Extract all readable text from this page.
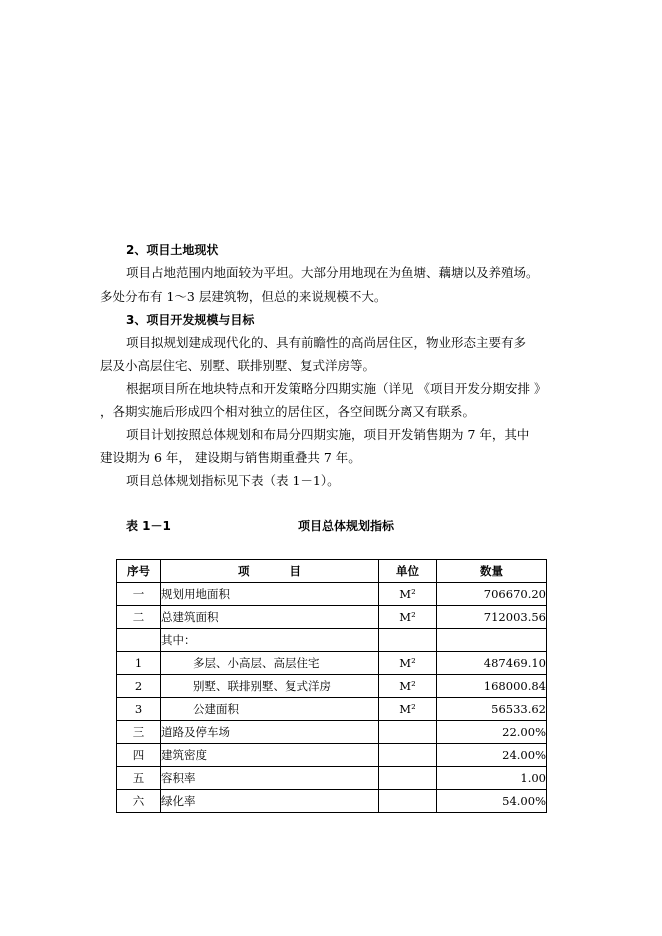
2、项目土地现状
项目占地范围内地面较为平坦。大部分用地现在为鱼塘、藕塘以及养殖场。
多处分布有 1～3 层建筑物，但总的来说规模不大。
3、项目开发规模与目标
项目拟规划建成现代化的、具有前瞻性的高尚居住区，物业形态主要有多
层及小高层住宅、别墅、联排别墅、复式洋房等。
根据项目所在地块特点和开发策略分四期实施（详见 《项目开发分期安排 》
，各期实施后形成四个相对独立的居住区，各空间既分离又有联系。
项目计划按照总体规划和布局分四期实施，项目开发销售期为 7 年，其中
建设期为 6 年， 建设期与销售期重叠共 7 年。
项目总体规划指标见下表（表 1－1）。
表 1－1	项目总体规划指标
序号	项          目	单位	数量
一	规划用地面积	M²	706670.20
二	总建筑面积	M²	712003.56
	其中：		
1	多层、小高层、高层住宅	M²	487469.10
2	别墅、联排别墅、复式洋房	M²	168000.84
3	公建面积	M²	56533.62
三	道路及停车场		22.00%
四	建筑密度		24.00%
五	容积率		1.00
六	绿化率		54.00%
